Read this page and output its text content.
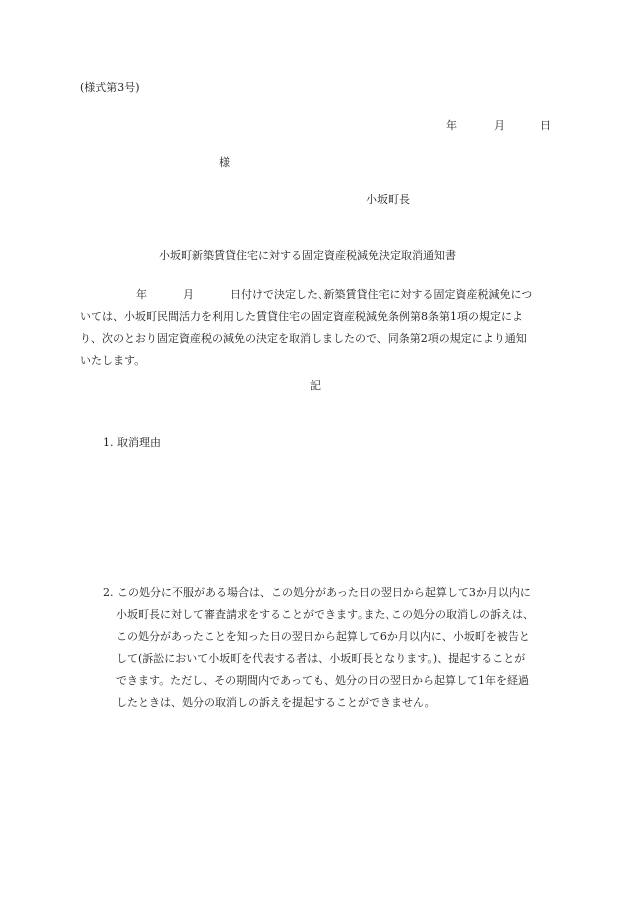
(様式第3号)
年	月	日
様
小坂町長
小坂町新築賃貸住宅に対する固定資産税減免決定取消通知書
年	月	日付けで決定した､新築賃貸住宅に対する固定資産税減免につ
いては、小坂町民間活力を利用した賃貸住宅の固定資産税減免条例第8条第1項の規定によ
り、次のとおり固定資産税の減免の決定を取消しましたので、同条第2項の規定により通知
いたします。
記
1. 取消理由
2. この処分に不服がある場合は、この処分があった日の翌日から起算して3か月以内に
小坂町長に対して審査請求をすることができます｡また､この処分の取消しの訴えは、
この処分があったことを知った日の翌日から起算して6か月以内に、小坂町を被告と
して(訴訟において小坂町を代表する者は、小坂町長となります。)、提起することが
できます。ただし、その期間内であっても、処分の日の翌日から起算して1年を経過
したときは、処分の取消しの訴えを提起することができません。
